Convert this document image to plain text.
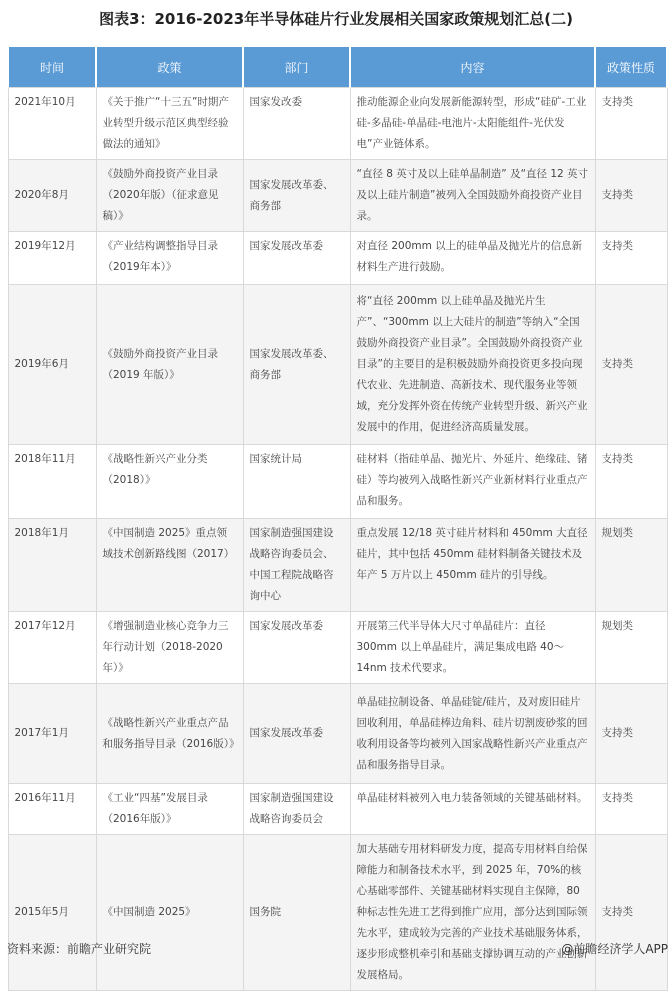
图表3：2016-2023年半导体硅片行业发展相关国家政策规划汇总(二)
时间	政策	部门	内容	政策性质
2021年10月	《关于推广“十三五”时期产业转型升级示范区典型经验做法的通知》	国家发改委	推动能源企业向发展新能源转型，形成“硅矿-工业硅-多晶硅-单晶硅-电池片-太阳能组件-光伏发电”产业链体系。	支持类
2020年8月	《鼓励外商投资产业目录（2020年版）（征求意见稿）》	国家发展改革委、商务部	“直径 8 英寸及以上硅单晶制造” 及“直径 12 英寸及以上硅片制造”被列入全国鼓励外商投资产业目录。	支持类
2019年12月	《产业结构调整指导目录（2019年本）》	国家发展改革委	对直径 200mm 以上的硅单晶及抛光片的信息新材料生产进行鼓励。	支持类
2019年6月	《鼓励外商投资产业目录（2019 年版）》	国家发展改革委、商务部	将“直径 200mm 以上硅单晶及抛光片生产”、“300mm 以上大硅片的制造”等纳入“全国鼓励外商投资产业目录”。全国鼓励外商投资产业目录”的主要目的是积极鼓励外商投资更多投向现代农业、先进制造、高新技术、现代服务业等领域，充分发挥外资在传统产业转型升级、新兴产业发展中的作用，促进经济高质量发展。	支持类
2018年11月	《战略性新兴产业分类（2018）》	国家统计局	硅材料（指硅单晶、抛光片、外延片、绝缘硅、锗硅）等均被列入战略性新兴产业新材料行业重点产品和服务。	支持类
2018年1月	《中国制造 2025》重点领域技术创新路线图（2017）	国家制造强国建设战略咨询委员会、中国工程院战略咨询中心	重点发展 12/18 英寸硅片材料和 450mm 大直径硅片，其中包括 450mm 硅材料制备关键技术及年产 5 万片以上 450mm 硅片的引导线。	规划类
2017年12月	《增强制造业核心竞争力三年行动计划（2018-2020年）》	国家发展改革委	开展第三代半导体大尺寸单晶硅片：直径 300mm 以上单晶硅片，满足集成电路 40～14nm 技术代要求。	规划类
2017年1月	《战略性新兴产业重点产品和服务指导目录（2016版）》	国家发展改革委	单晶硅拉制设备、单晶硅锭/硅片，及对废旧硅片回收利用，单晶硅棒边角料、硅片切割废砂浆的回收利用设备等均被列入国家战略性新兴产业重点产品和服务指导目录。	支持类
2016年11月	《工业“四基”发展目录（2016年版）》	国家制造强国建设战略咨询委员会	单晶硅材料被列入电力装备领域的关键基础材料。	支持类
2015年5月	《中国制造 2025》	国务院	加大基础专用材料研发力度，提高专用材料自给保障能力和制备技术水平，到 2025 年，70%的核心基础零部件、关键基础材料实现自主保障，80 种标志性先进工艺得到推广应用，部分达到国际领先水平，建成较为完善的产业技术基础服务体系，逐步形成整机牵引和基础支撑协调互动的产业创新发展格局。	支持类
资料来源：前瞻产业研究院	@前瞻经济学人APP
